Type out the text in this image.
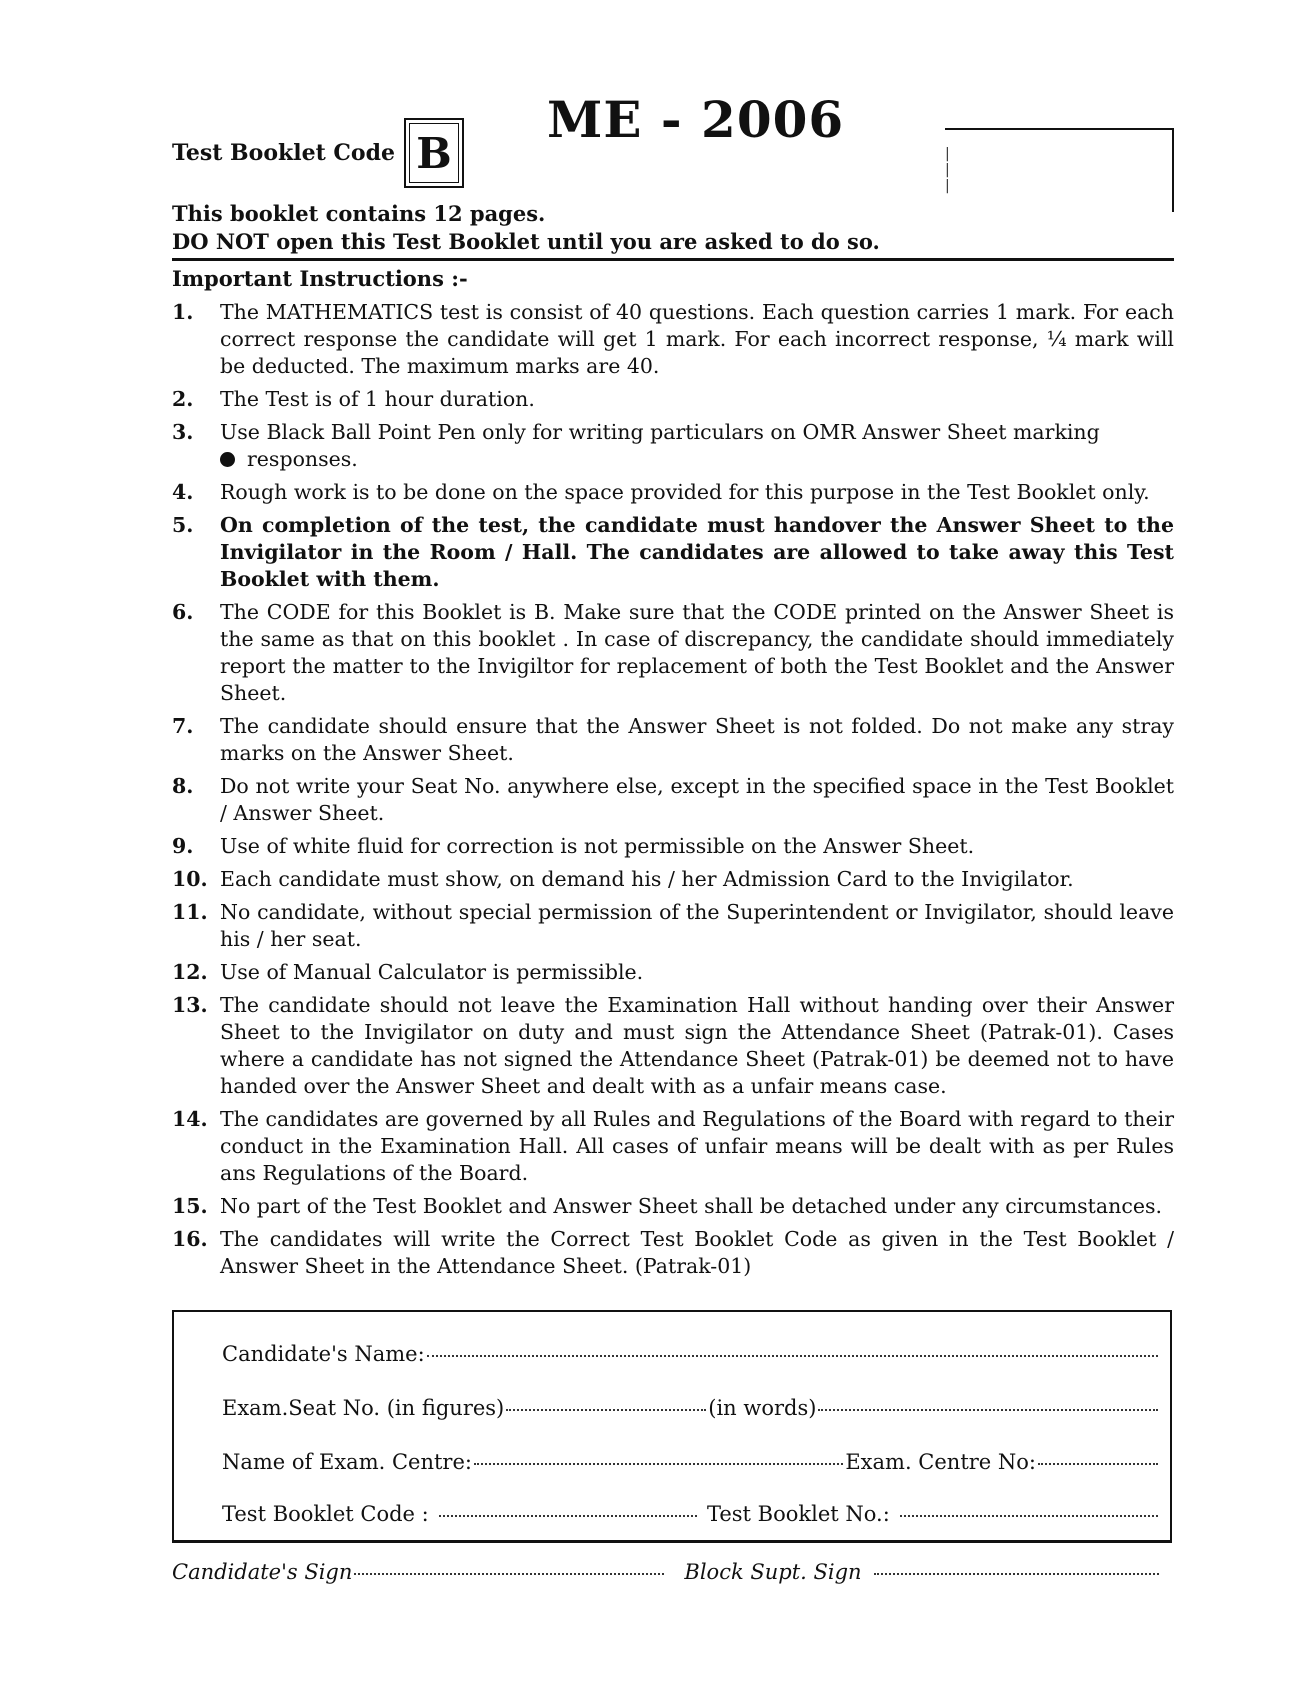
Test Booklet Code B
ME - 2006
|
|
|
This booklet contains 12 pages.
DO NOT open this Test Booklet until you are asked to do so.
Important Instructions :-
1.	The MATHEMATICS test is consist of 40 questions. Each question carries 1 mark. For each correct response the candidate will get 1 mark. For each incorrect response, ¼ mark will be deducted. The maximum marks are 40.
2.	The Test is of 1 hour duration.
3.	Use Black Ball Point Pen only for writing particulars on OMR Answer Sheet marking
responses.
4.	Rough work is to be done on the space provided for this purpose in the Test Booklet only.
5.	On completion of the test, the candidate must handover the Answer Sheet to the Invigilator in the Room / Hall. The candidates are allowed to take away this Test Booklet with them.
6.	The CODE for this Booklet is B. Make sure that the CODE printed on the Answer Sheet is the same as that on this booklet . In case of discrepancy, the candidate should immediately report the matter to the Invigiltor for replacement of both the Test Booklet and the Answer Sheet.
7.	The candidate should ensure that the Answer Sheet is not folded. Do not make any stray marks on the Answer Sheet.
8.	Do not write your Seat No. anywhere else, except in the specified space in the Test Booklet / Answer Sheet.
9.	Use of white fluid for correction is not permissible on the Answer Sheet.
10. Each candidate must show, on demand his / her Admission Card to the Invigilator.
11. No candidate, without special permission of the Superintendent or Invigilator, should leave his / her seat.
12. Use of Manual Calculator is permissible.
13. The candidate should not leave the Examination Hall without handing over their Answer Sheet to the Invigilator on duty and must sign the Attendance Sheet (Patrak-01). Cases where a candidate has not signed the Attendance Sheet (Patrak-01) be deemed not to have handed over the Answer Sheet and dealt with as a unfair means case.
14. The candidates are governed by all Rules and Regulations of the Board with regard to their conduct in the Examination Hall. All cases of unfair means will be dealt with as per Rules ans Regulations of the Board.
15. No part of the Test Booklet and Answer Sheet shall be detached under any circumstances.
16. The candidates will write the Correct Test Booklet Code as given in the Test Booklet / Answer Sheet in the Attendance Sheet. (Patrak-01)
Candidate's Name:
Exam.Seat No. (in figures)	(in words)
Name of Exam. Centre:	Exam. Centre No:
Test Booklet Code :	Test Booklet No.:
Candidate's Sign	Block Supt. Sign
